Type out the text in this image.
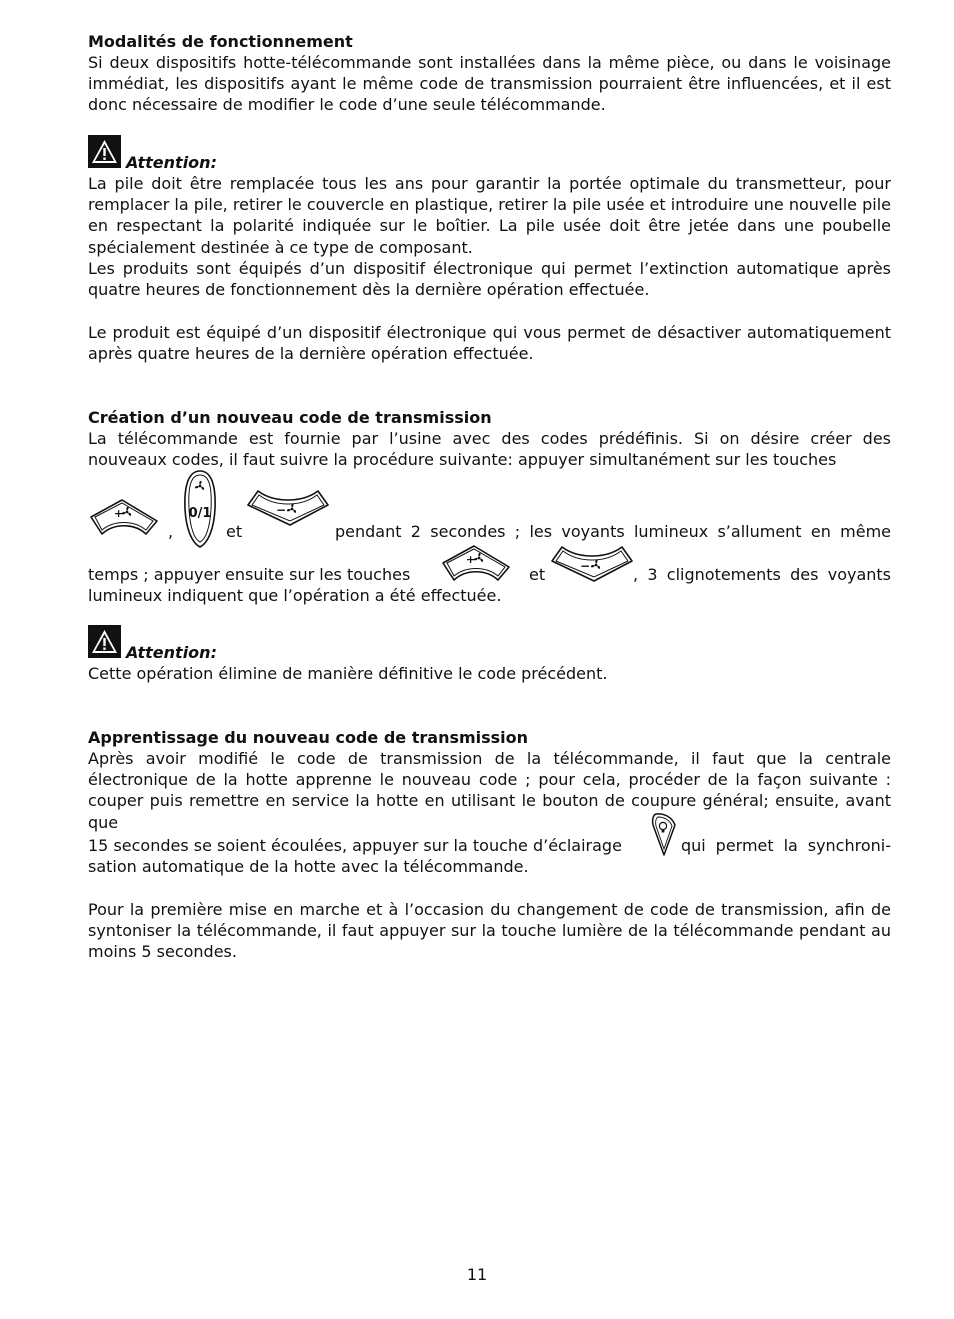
Modalités de fonctionnement

Si deux dispositifs hotte-télécommande sont installées dans la même pièce, ou dans le voisinage immédiat, les dispositifs ayant le même code de transmission pourraient être influencées, et il est donc nécessaire de modifier le code d’une seule télécommande.

Attention:

La pile doit être remplacée tous les ans pour garantir la portée optimale du transmetteur, pour remplacer la pile, retirer le couvercle en plastique, retirer la pile usée et introduire une nouvelle pile en respectant la polarité indiquée sur le boîtier. La pile usée doit être jetée dans une poubelle spécialement destinée à ce type de composant.

Les produits sont équipés d’un dispositif électronique qui permet l’extinction automatique après quatre heures de fonctionnement dès la dernière opération effectuée.

Le produit est équipé d’un dispositif électronique qui vous permet de désactiver automatiquement après quatre heures de la dernière opération effectuée.

Création d’un nouveau code de transmission

La télécommande est fournie par l’usine avec des codes prédéfinis. Si on désire créer des nouveaux codes, il faut suivre la procédure suivante: appuyer simultanément sur les touches

+
,
0/1
et
−
pendant 2 secondes ; les voyants lumineux s’allument en même
temps ; appuyer ensuite sur les touches
+
et	−	, 3 clignotements des voyants
lumineux indiquent que l’opération a été effectuée.
Attention:
Cette opération élimine de manière définitive le code précédent.
Apprentissage du nouveau code de transmission

Après avoir modifié le code de transmission de la télécommande, il faut que la centrale électronique de la hotte apprenne le nouveau code ; pour cela, procéder de la façon suivante : couper puis remettre en service la hotte en utilisant le bouton de coupure général; ensuite, avant que

15 secondes se soient écoulées, appuyer sur la touche d’éclairage	qui permet la synchroni-
sation automatique de la hotte avec la télécommande.

Pour la première mise en marche et à l’occasion du changement de code de transmission, afin de syntoniser la télécommande, il faut appuyer sur la touche lumière de la télécommande pendant au moins 5 secondes.

11
